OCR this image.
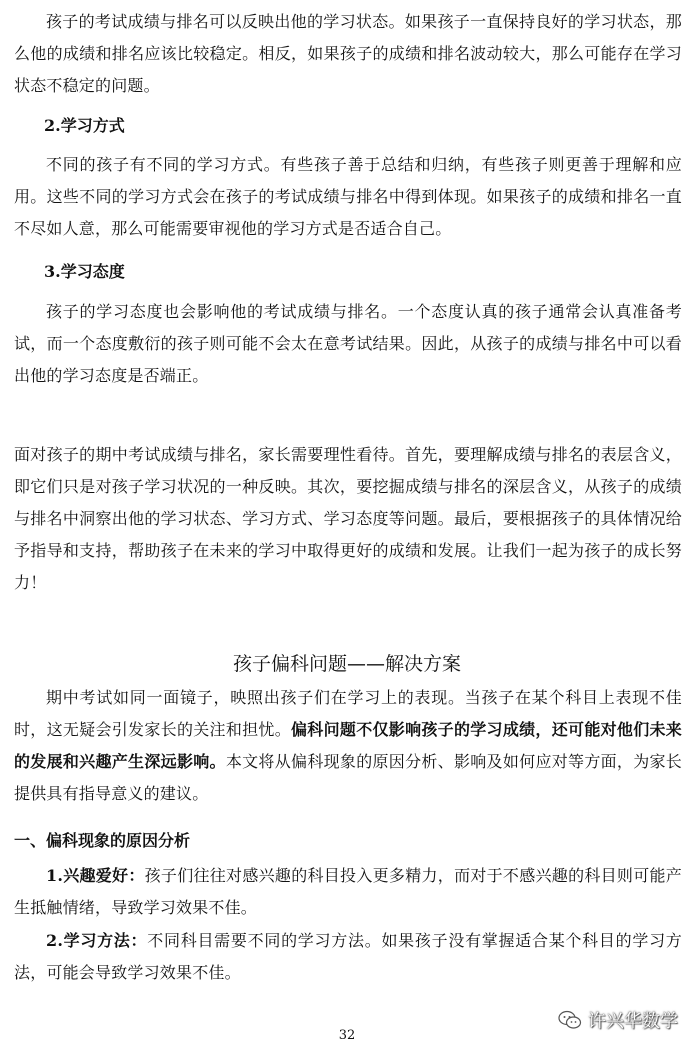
孩子的考试成绩与排名可以反映出他的学习状态。如果孩子一直保持良好的学习状态，那么他的成绩和排名应该比较稳定。相反，如果孩子的成绩和排名波动较大，那么可能存在学习状态不稳定的问题。

2.学习方式

不同的孩子有不同的学习方式。有些孩子善于总结和归纳，有些孩子则更善于理解和应用。这些不同的学习方式会在孩子的考试成绩与排名中得到体现。如果孩子的成绩和排名一直不尽如人意，那么可能需要审视他的学习方式是否适合自己。

3.学习态度

孩子的学习态度也会影响他的考试成绩与排名。一个态度认真的孩子通常会认真准备考试，而一个态度敷衍的孩子则可能不会太在意考试结果。因此，从孩子的成绩与排名中可以看出他的学习态度是否端正。

面对孩子的期中考试成绩与排名，家长需要理性看待。首先，要理解成绩与排名的表层含义，即它们只是对孩子学习状况的一种反映。其次，要挖掘成绩与排名的深层含义，从孩子的成绩与排名中洞察出他的学习状态、学习方式、学习态度等问题。最后，要根据孩子的具体情况给予指导和支持，帮助孩子在未来的学习中取得更好的成绩和发展。让我们一起为孩子的成长努力！

孩子偏科问题——解决方案

期中考试如同一面镜子，映照出孩子们在学习上的表现。当孩子在某个科目上表现不佳时，这无疑会引发家长的关注和担忧。偏科问题不仅影响孩子的学习成绩，还可能对他们未来的发展和兴趣产生深远影响。本文将从偏科现象的原因分析、影响及如何应对等方面，为家长提供具有指导意义的建议。

一、偏科现象的原因分析

1.兴趣爱好：孩子们往往对感兴趣的科目投入更多精力，而对于不感兴趣的科目则可能产生抵触情绪，导致学习效果不佳。

2.学习方法：不同科目需要不同的学习方法。如果孩子没有掌握适合某个科目的学习方法，可能会导致学习效果不佳。

许兴华数学
32
